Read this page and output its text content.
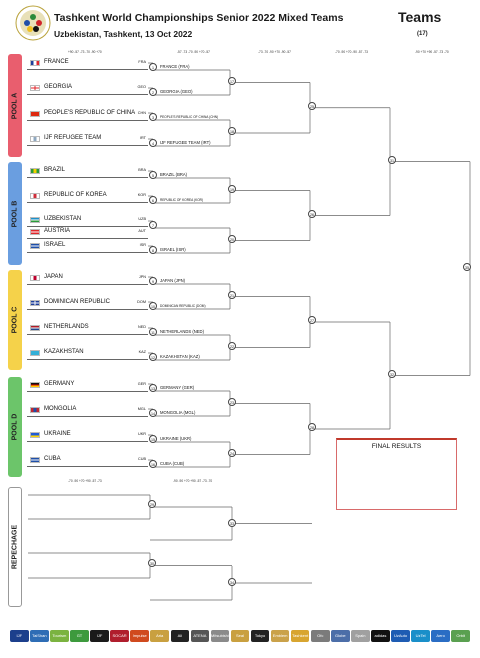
Tashkent World Championships Senior 2022 Mixed Teams
Uzbekistan, Tashkent, 13 Oct 2022
Teams
(17)
+90 -57 -73 -70 -90 +70	-57 -73 -70 -90 +70 -57	-73 -70 -90 +70 -90 -57	-70 -90 +70 -90 -57 -73	-90 +70 +90 -57 -73 -70
-70 -90 +70 +90 -57 -73	-90 -90 +70 +90 -57 -73 -70
POOL A
POOL B
POOL C
POOL D
REPECHAGE
FRANCE	FRA
GEORGIA	GEO
PEOPLE'S REPUBLIC OF CHINA CHN
IJF REFUGEE TEAM	IRT
BRAZIL	BRA
REPUBLIC OF KOREA	KOR
UZBEKISTAN	UZB
AUSTRIA	AUT
ISRAEL	ISR
JAPAN	JPN
DOMINICAN REPUBLIC	DOM
NETHERLANDS	NED
KAZAKHSTAN	KAZ
GERMANY	GER
MONGOLIA	MGL
UKRAINE	UKR
CUBA	CUB
1
2
3
4
5
6
7
8
9
10
11
12
13
14
15
16
17
18
19
20
21
22
23
24
25
26
27
28
31
32
35
29
30
33
34
FRANCE (FRA)
GEORGIA (GEO)
PEOPLE'S REPUBLIC OF CHINA (CHN)
IJF REFUGEE TEAM (IRT)
BRAZIL (BRA)
REPUBLIC OF KOREA (KOR)
ISRAEL (ISR)
JAPAN (JPN)
DOMINICAN REPUBLIC (DOM)
NETHERLANDS (NED)
KAZAKHSTAN (KAZ)
GERMANY (GER)
MONGOLIA (MGL)
UKRAINE (UKR)
CUBA (CUB)
FINAL RESULTS
IJF	TaiShan	Tourism	GT	IJF	SOCAR	Impulse	Aria	Ali	ATENA	Mitsubishi	Seal	Tokyo	Emblem	Tashkent	Ofc	Globe	Spain	adidas	UzAuto	UzTel	Aero	Orbit
